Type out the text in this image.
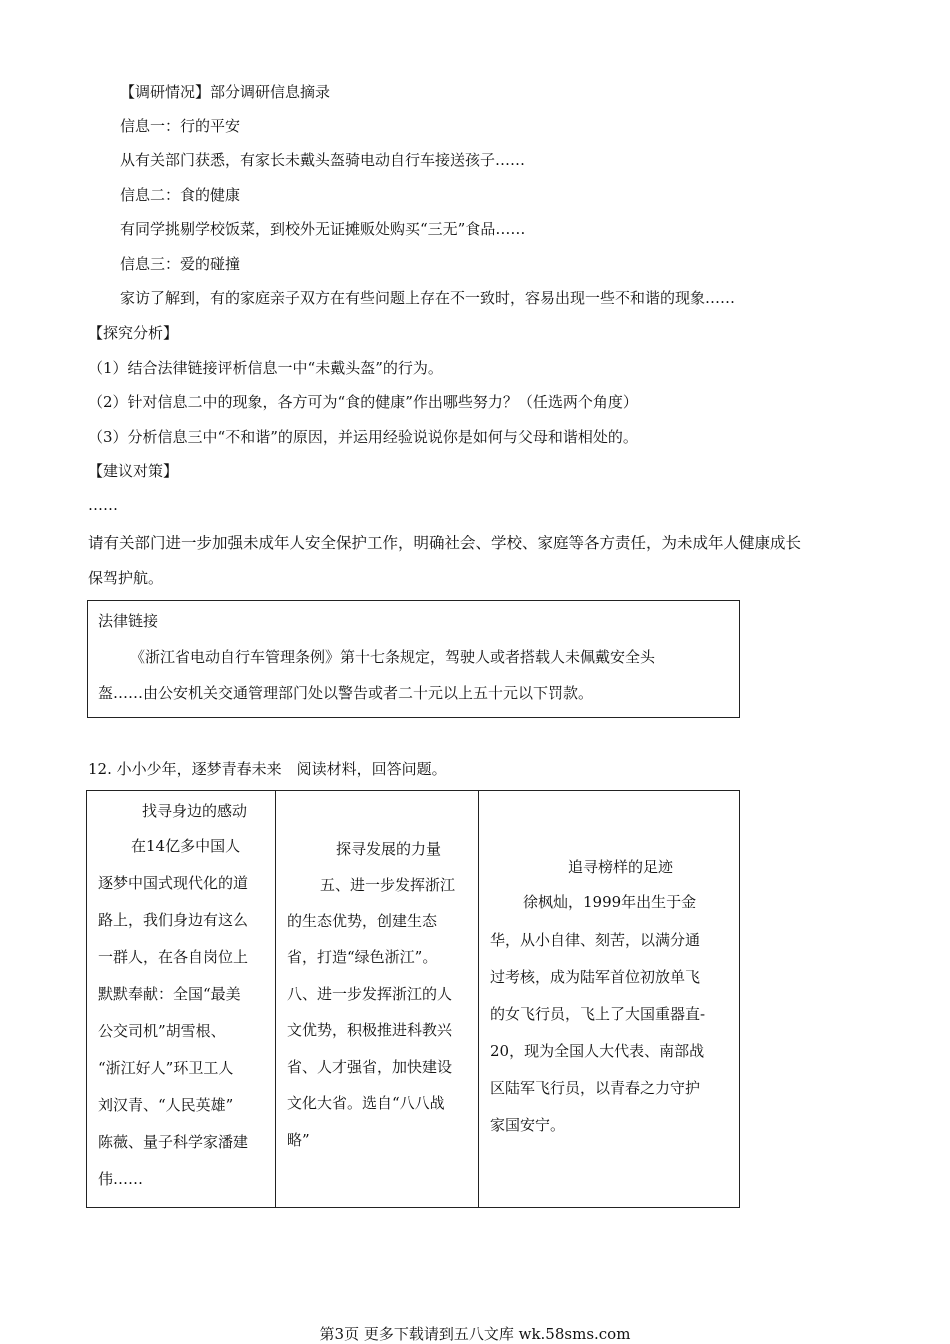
【调研情况】部分调研信息摘录
信息一：行的平安
从有关部门获悉，有家长未戴头盔骑电动自行车接送孩子……
信息二：食的健康
有同学挑剔学校饭菜，到校外无证摊贩处购买“三无”食品……
信息三：爱的碰撞
家访了解到，有的家庭亲子双方在有些问题上存在不一致时，容易出现一些不和谐的现象……
【探究分析】
（1）结合法律链接评析信息一中“未戴头盔”的行为。
（2）针对信息二中的现象，各方可为“食的健康”作出哪些努力？（任选两个角度）
（3）分析信息三中“不和谐”的原因，并运用经验说说你是如何与父母和谐相处的。
【建议对策】
……
请有关部门进一步加强未成年人安全保护工作，明确社会、学校、家庭等各方责任，为未成年人健康成长
保驾护航。
法律链接
《浙江省电动自行车管理条例》第十七条规定，驾驶人或者搭载人未佩戴安全头
盔……由公安机关交通管理部门处以警告或者二十元以上五十元以下罚款。
12. 小小少年，逐梦青春未来　阅读材料，回答问题。
找寻身边的感动
在14亿多中国人
逐梦中国式现代化的道
路上，我们身边有这么
一群人，在各自岗位上
默默奉献：全国“最美
公交司机”胡雪根、
“浙江好人”环卫工人
刘汉青、“人民英雄”
陈薇、量子科学家潘建
伟……
探寻发展的力量
五、进一步发挥浙江
的生态优势，创建生态
省，打造“绿色浙江”。
八、进一步发挥浙江的人
文优势，积极推进科教兴
省、人才强省，加快建设
文化大省。选自“八八战
略”
追寻榜样的足迹
徐枫灿，1999年出生于金
华，从小自律、刻苦，以满分通
过考核，成为陆军首位初放单飞
的女飞行员，飞上了大国重器直-
20，现为全国人大代表、南部战
区陆军飞行员，以青春之力守护
家国安宁。
第3页 更多下载请到五八文库 wk.58sms.com
